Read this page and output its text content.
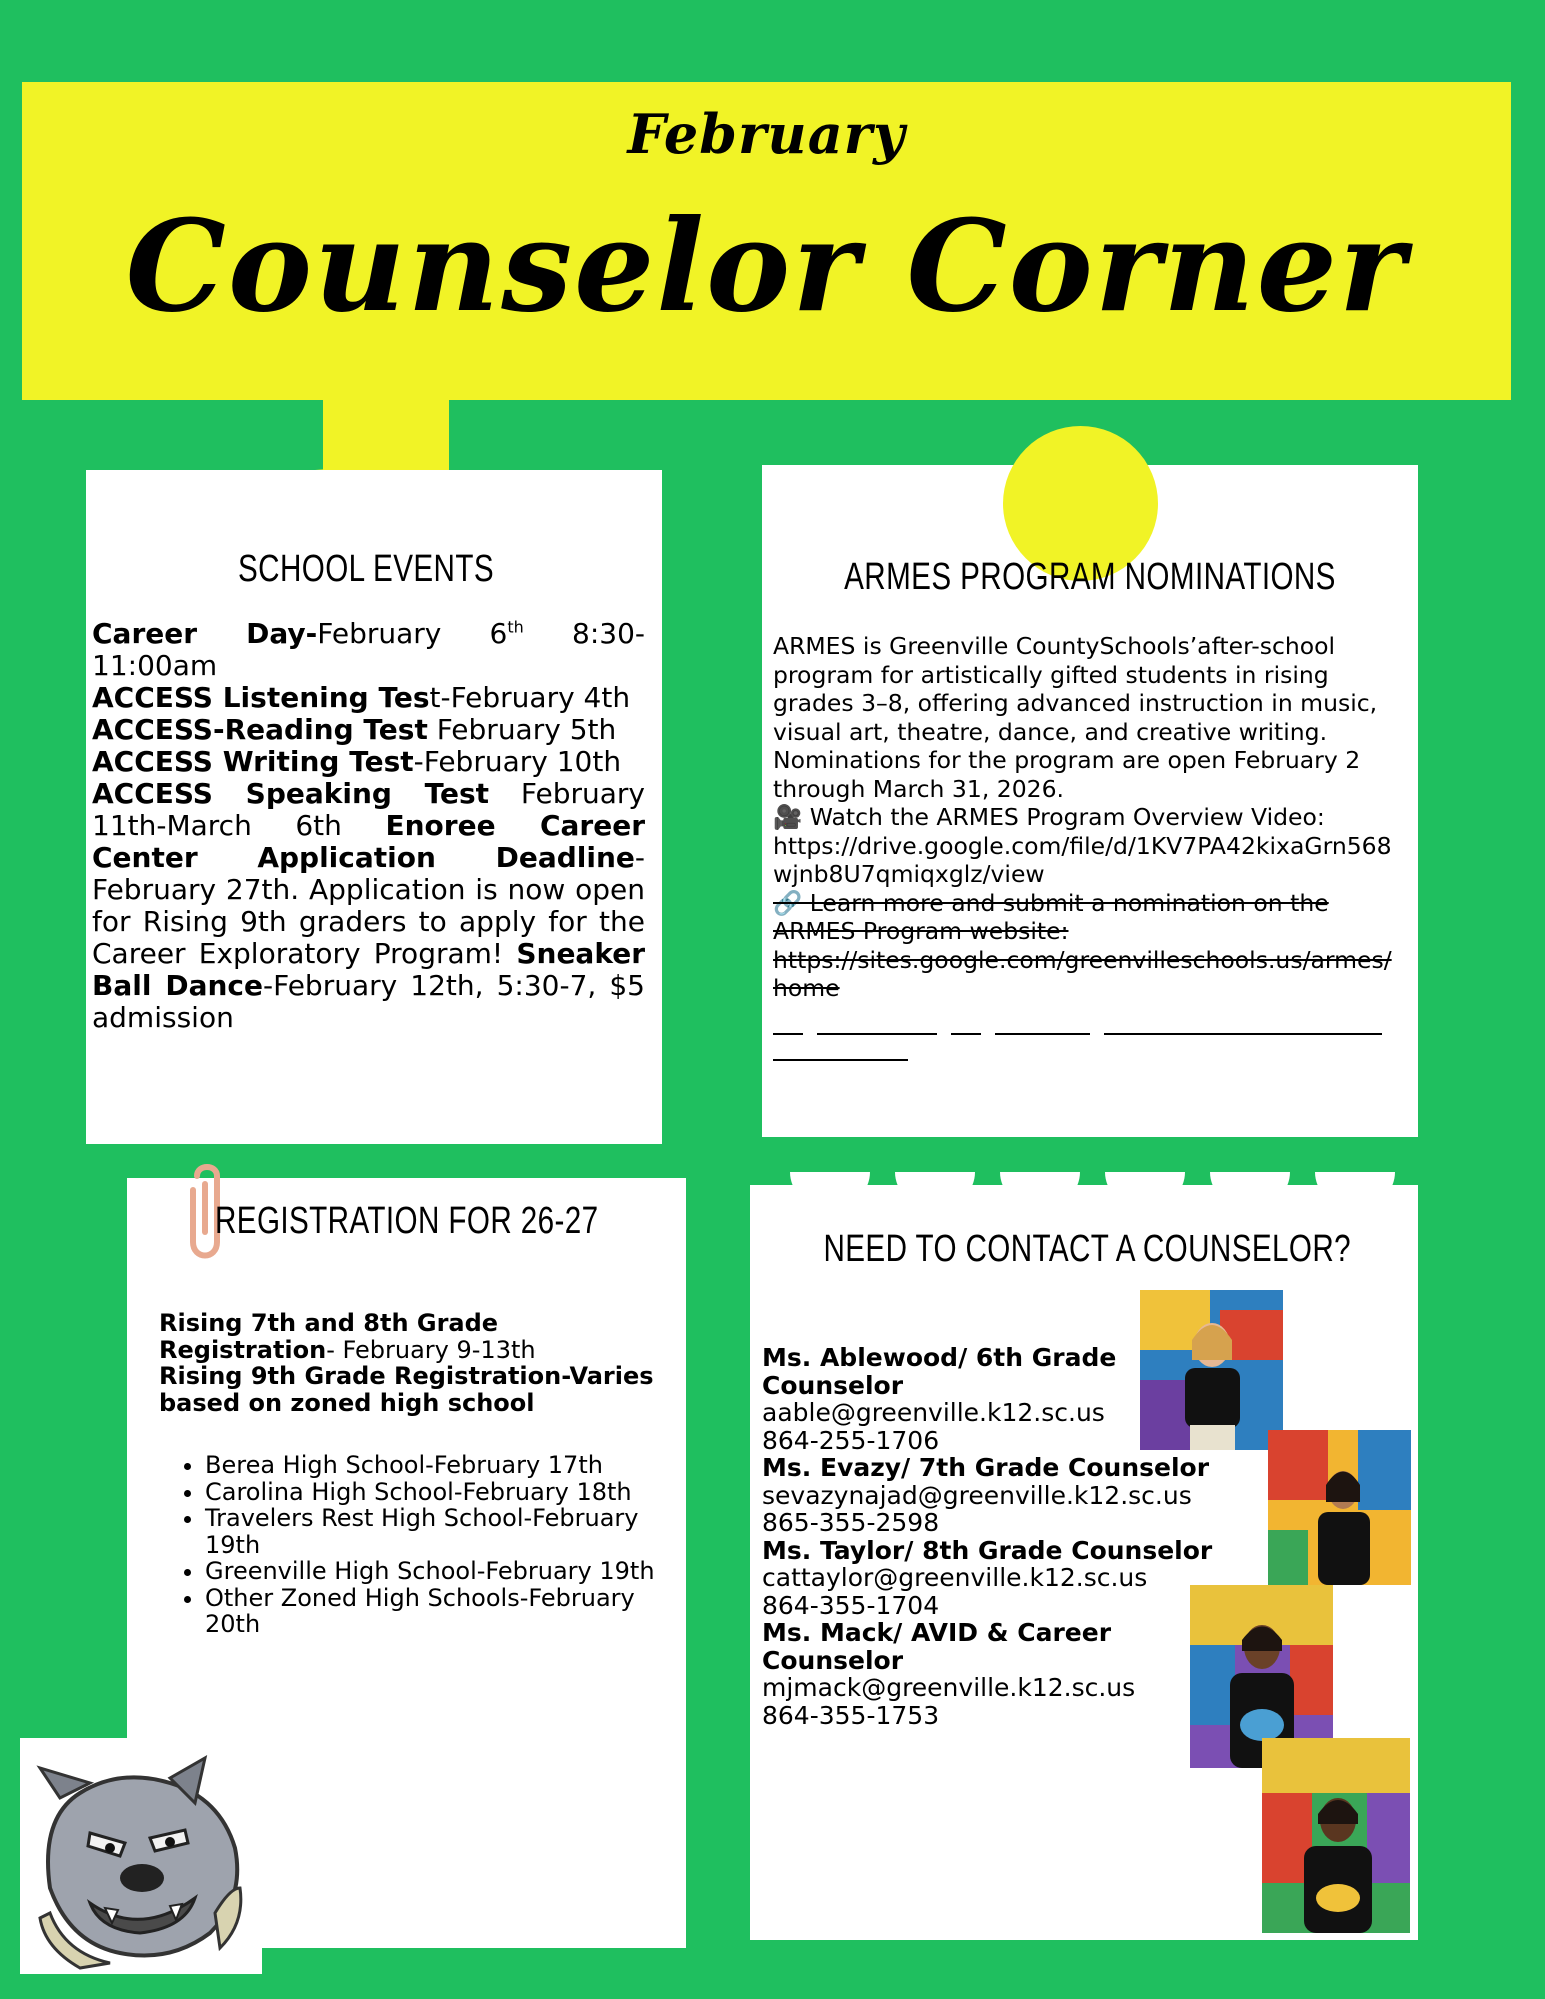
February
Counselor Corner
SCHOOL EVENTS
Career Day-February 6th 8:30-11:00am
ACCESS Listening Test-February 4th
ACCESS-Reading Test February 5th
ACCESS Writing Test-February 10th
ACCESS Speaking Test February 11th-March 6th Enoree Career Center Application Deadline- February 27th. Application is now open for Rising 9th graders to apply for the Career Exploratory Program! Sneaker Ball Dance-February 12th, 5:30-7, $5 admission
ARMES PROGRAM NOMINATIONS

ARMES is Greenville CountySchools’after-school program for artistically gifted students in rising grades 3–8, offering advanced instruction in music, visual art, theatre, dance, and creative writing.

Nominations for the program are open February 2 through March 31, 2026.

🎥 Watch the ARMES Program Overview Video:

https://drive.google.com/file/d/1KV7PA42kixaGrn568wjnb8U7qmiqxglz/view

🔗 Learn more and submit a nomination on the ARMES Program website:

https://sites.google.com/greenvilleschools.us/armes/home

REGISTRATION FOR 26-27
Rising 7th and 8th Grade Registration- February 9-13th
Rising 9th Grade Registration-Varies based on zoned high school
• Berea High School-February 17th
• Carolina High School-February 18th
• Travelers Rest High School-February 19th
• Greenville High School-February 19th
• Other Zoned High Schools-February 20th
NEED TO CONTACT A COUNSELOR?
Ms. Ablewood/ 6th Grade Counselor
aable@greenville.k12.sc.us
864-255-1706
Ms. Evazy/ 7th Grade Counselor
sevazynajad@greenville.k12.sc.us
865-355-2598
Ms. Taylor/ 8th Grade Counselor
cattaylor@greenville.k12.sc.us
864-355-1704
Ms. Mack/ AVID & Career Counselor
mjmack@greenville.k12.sc.us
864-355-1753
